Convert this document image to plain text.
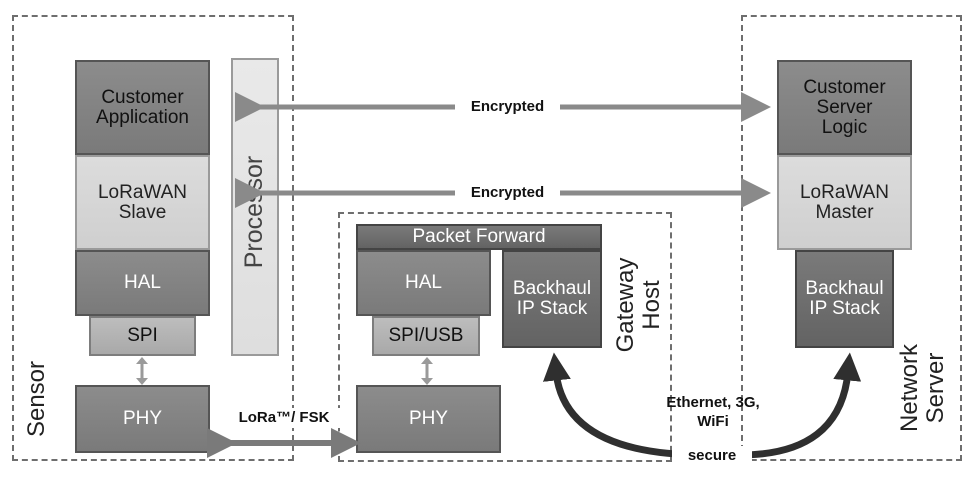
Sensor
Gateway Host
Network Server
Customer
Application
LoRaWAN
Slave
HAL
SPI
PHY
Processor	Packet Forward
HAL
SPI/USB
PHY
Backhaul
IP Stack
Customer
Server
Logic
LoRaWAN
Master
Backhaul
IP Stack
Encrypted
Encrypted
LoRa™/ FSK
Ethernet, 3G,
WiFi
secure
